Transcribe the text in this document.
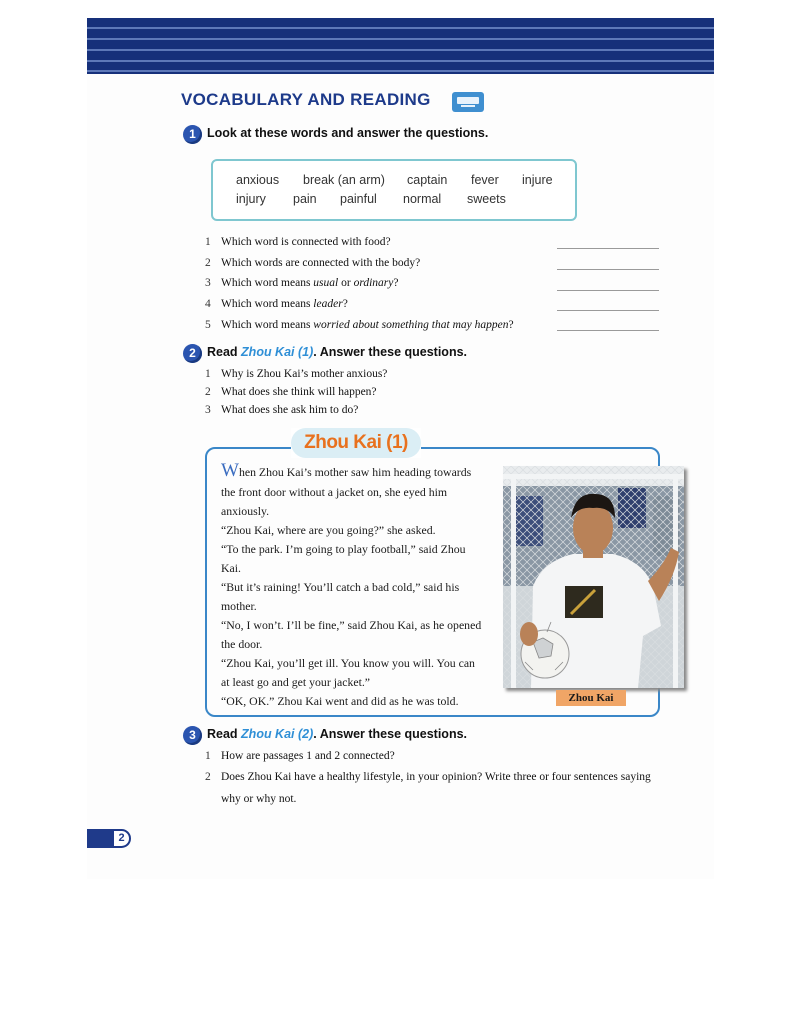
VOCABULARY AND READING
1 Look at these words and answer the questions.
anxious break (an arm) captain fever injure
injury pain painful normal sweets
1 Which word is connected with food?
2 Which words are connected with the body?
3 Which word means usual or ordinary?
4 Which word means leader?
5 Which word means worried about something that may happen?
2 Read Zhou Kai (1). Answer these questions.
1 Why is Zhou Kai’s mother anxious?
2 What does she think will happen?
3 What does she ask him to do?
Zhou Kai (1)
When Zhou Kai’s mother saw him heading towards
the front door without a jacket on, she eyed him
anxiously.
“Zhou Kai, where are you going?” she asked.
“To the park. I’m going to play football,” said Zhou
Kai.
“But it’s raining! You’ll catch a bad cold,” said his
mother.
“No, I won’t. I’ll be fine,” said Zhou Kai, as he opened
the door.
“Zhou Kai, you’ll get ill. You know you will. You can
at least go and get your jacket.”
“OK, OK.” Zhou Kai went and did as he was told.	Zhou Kai
3 Read Zhou Kai (2). Answer these questions.
1 How are passages 1 and 2 connected?
2 Does Zhou Kai have a healthy lifestyle, in your opinion? Write three or four sentences saying
why or why not.
2
